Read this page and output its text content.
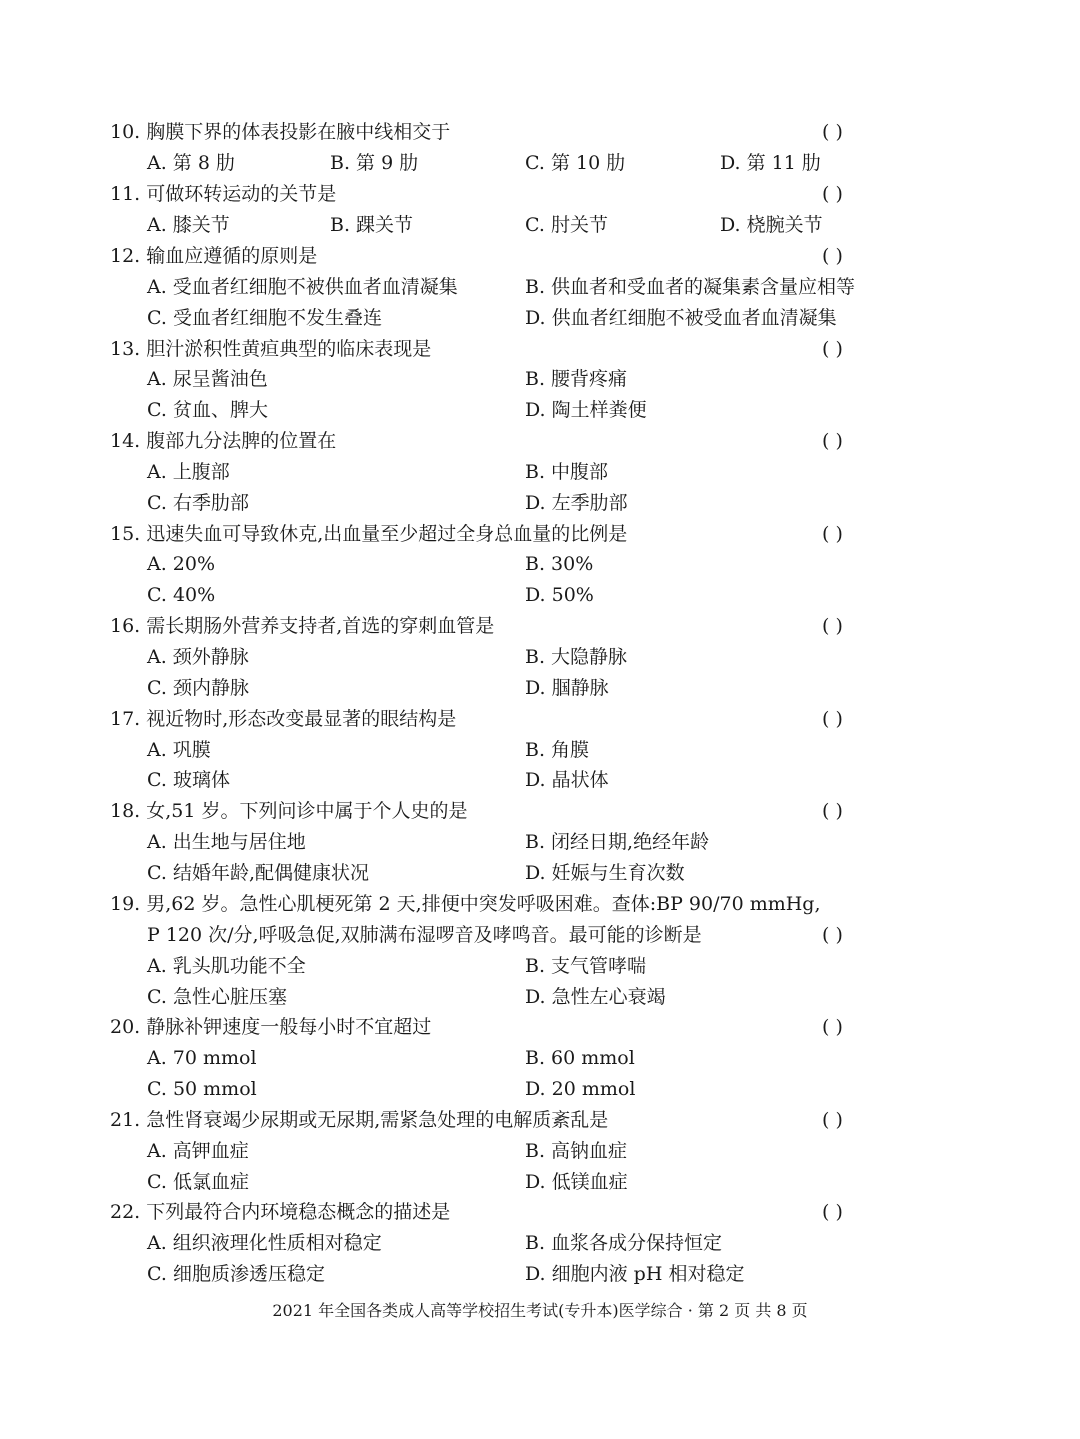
10. 胸膜下界的体表投影在腋中线相交于	( )
A. 第 8 肋	B. 第 9 肋	C. 第 10 肋	D. 第 11 肋
11. 可做环转运动的关节是	( )
A. 膝关节	B. 踝关节	C. 肘关节	D. 桡腕关节
12. 输血应遵循的原则是	( )
A. 受血者红细胞不被供血者血清凝集	B. 供血者和受血者的凝集素含量应相等
C. 受血者红细胞不发生叠连	D. 供血者红细胞不被受血者血清凝集
13. 胆汁淤积性黄疸典型的临床表现是	( )
A. 尿呈酱油色	B. 腰背疼痛
C. 贫血、脾大	D. 陶土样粪便
14. 腹部九分法脾的位置在	( )
A. 上腹部	B. 中腹部
C. 右季肋部	D. 左季肋部
15. 迅速失血可导致休克,出血量至少超过全身总血量的比例是	( )
A. 20%	B. 30%
C. 40%	D. 50%
16. 需长期肠外营养支持者,首选的穿刺血管是	( )
A. 颈外静脉	B. 大隐静脉
C. 颈内静脉	D. 腘静脉
17. 视近物时,形态改变最显著的眼结构是	( )
A. 巩膜	B. 角膜
C. 玻璃体	D. 晶状体
18. 女,51 岁。下列问诊中属于个人史的是	( )
A. 出生地与居住地	B. 闭经日期,绝经年龄
C. 结婚年龄,配偶健康状况	D. 妊娠与生育次数
19. 男,62 岁。急性心肌梗死第 2 天,排便中突发呼吸困难。查体:BP 90/70 mmHg,
P 120 次/分,呼吸急促,双肺满布湿啰音及哮鸣音。最可能的诊断是	( )
A. 乳头肌功能不全	B. 支气管哮喘
C. 急性心脏压塞	D. 急性左心衰竭
20. 静脉补钾速度一般每小时不宜超过	( )
A. 70 mmol	B. 60 mmol
C. 50 mmol	D. 20 mmol
21. 急性肾衰竭少尿期或无尿期,需紧急处理的电解质紊乱是	( )
A. 高钾血症	B. 高钠血症
C. 低氯血症	D. 低镁血症
22. 下列最符合内环境稳态概念的描述是	( )
A. 组织液理化性质相对稳定	B. 血浆各成分保持恒定
C. 细胞质渗透压稳定	D. 细胞内液 pH 相对稳定
2021 年全国各类成人高等学校招生考试(专升本)医学综合 · 第 2 页 共 8 页
